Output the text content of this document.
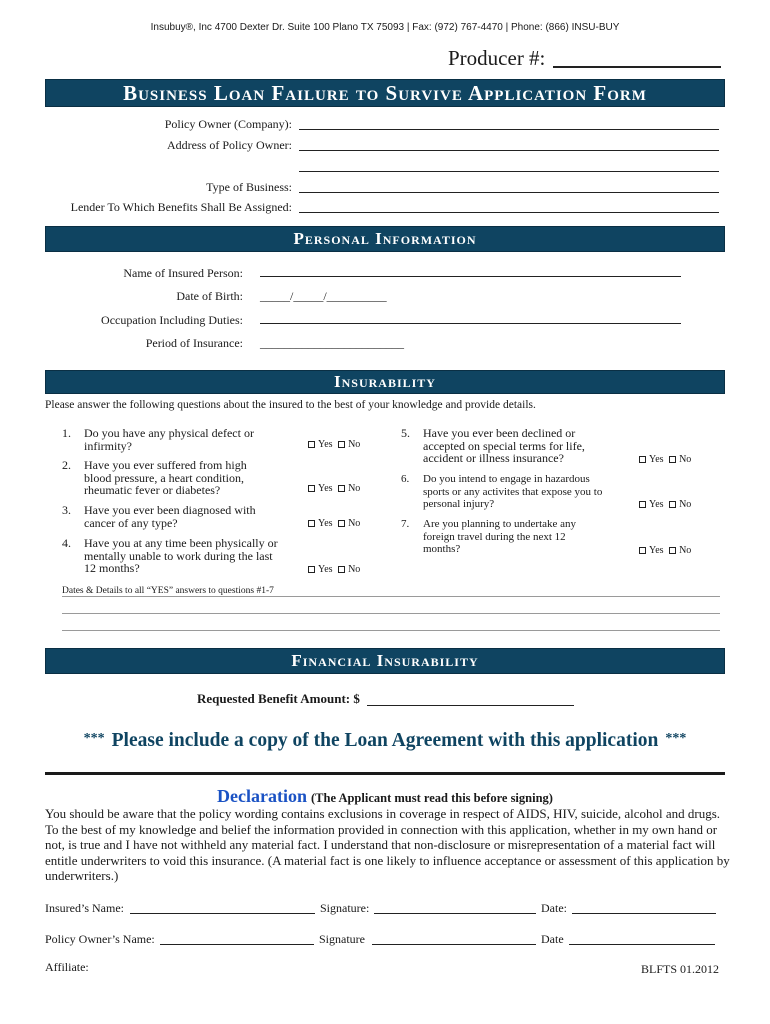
Insubuy®, Inc 4700 Dexter Dr. Suite 100 Plano TX 75093 | Fax: (972) 767-4470 | Phone: (866) INSU-BUY
Producer #:
Business Loan Failure to Survive Application Form
Policy Owner (Company):
Address of Policy Owner:
Type of Business:
Lender To Which Benefits Shall Be Assigned:
Personal Information
Name of Insured Person:
Date of Birth: _____/_____/__________
Occupation Including Duties:
Period of Insurance: ________________________
Insurability
Please answer the following questions about the insured to the best of your knowledge and provide details.
1. Do you have any physical defect or infirmity?	Yes No
2. Have you ever suffered from high blood pressure, a heart condition, rheumatic fever or diabetes?	Yes No
3. Have you ever been diagnosed with cancer of any type?	Yes No
4. Have you at any time been physically or mentally unable to work during the last 12 months?	Yes No
5. Have you ever been declined or accepted on special terms for life, accident or illness insurance?	Yes No
6. Do you intend to engage in hazardous sports or any activites that expose you to personal injury?	Yes No
7. Are you planning to undertake any foreign travel during the next 12 months?	Yes No
Dates & Details to all “YES” answers to questions #1-7
Financial Insurability
Requested Benefit Amount: $
*** Please include a copy of the Loan Agreement with this application ***
Declaration (The Applicant must read this before signing)
You should be aware that the policy wording contains exclusions in coverage in respect of AIDS, HIV, suicide, alcohol and drugs. To the best of my knowledge and belief the information provided in connection with this application, whether in my own hand or not, is true and I have not withheld any material fact. I understand that non-disclosure or misrepresentation of a material fact will entitle underwriters to void this insurance. (A material fact is one likely to influence acceptance or assessment of this application by underwriters.)
Insured’s Name:	Signature:	Date:
Policy Owner’s Name:	Signature	Date
Affiliate:	BLFTS 01.2012
